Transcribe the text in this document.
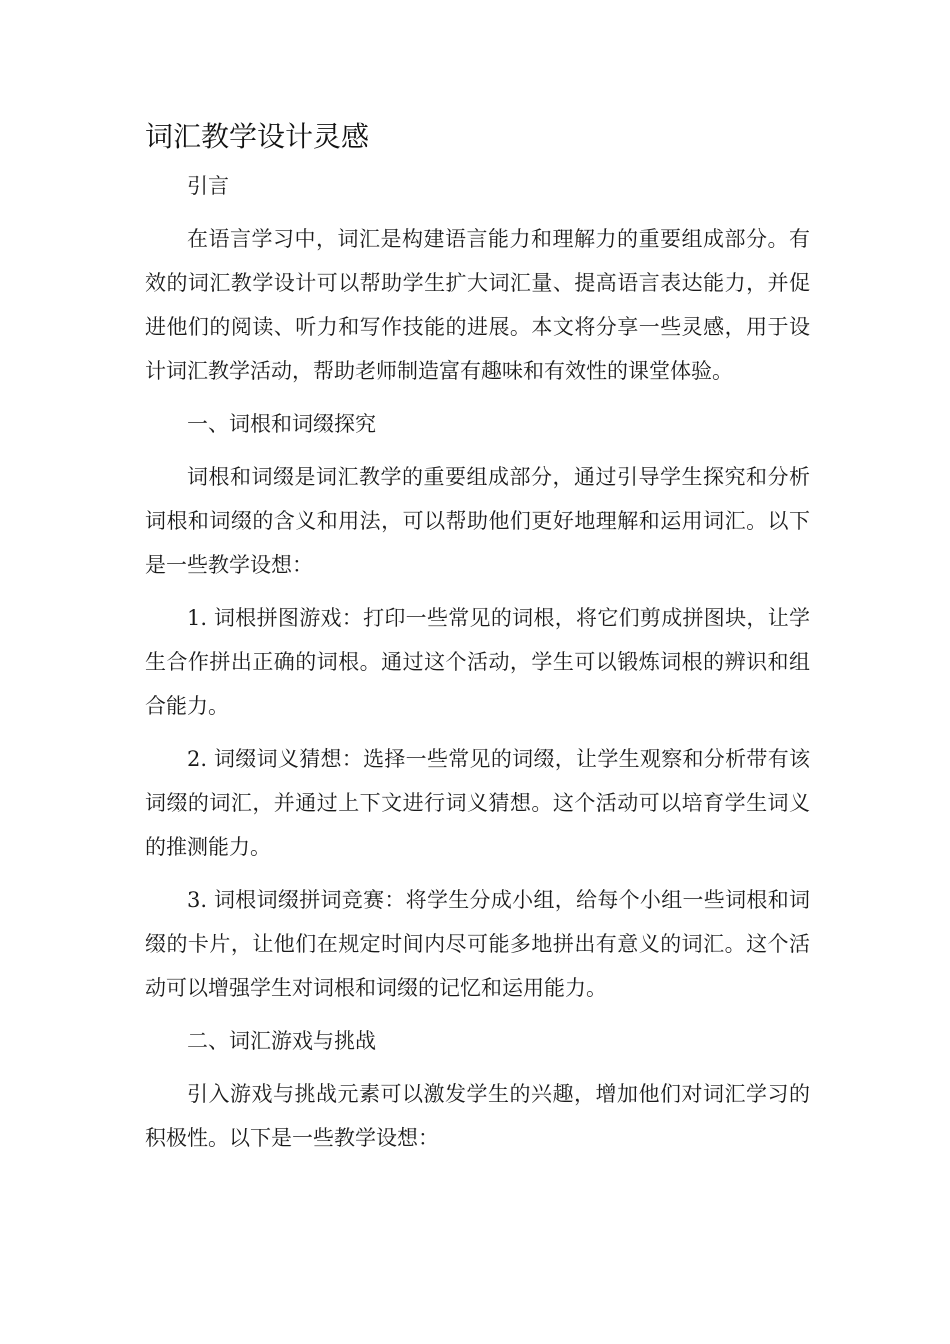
词汇教学设计灵感

引言

在语言学习中，词汇是构建语言能力和理解力的重要组成部分。有效的词汇教学设计可以帮助学生扩大词汇量、提高语言表达能力，并促进他们的阅读、听力和写作技能的进展。本文将分享一些灵感，用于设计词汇教学活动，帮助老师制造富有趣味和有效性的课堂体验。

一、词根和词缀探究

词根和词缀是词汇教学的重要组成部分，通过引导学生探究和分析词根和词缀的含义和用法，可以帮助他们更好地理解和运用词汇。以下是一些教学设想：

1. 词根拼图游戏：打印一些常见的词根，将它们剪成拼图块，让学生合作拼出正确的词根。通过这个活动，学生可以锻炼词根的辨识和组合能力。

2. 词缀词义猜想：选择一些常见的词缀，让学生观察和分析带有该词缀的词汇，并通过上下文进行词义猜想。这个活动可以培育学生词义的推测能力。

3. 词根词缀拼词竞赛：将学生分成小组，给每个小组一些词根和词缀的卡片，让他们在规定时间内尽可能多地拼出有意义的词汇。这个活动可以增强学生对词根和词缀的记忆和运用能力。

二、词汇游戏与挑战

引入游戏与挑战元素可以激发学生的兴趣，增加他们对词汇学习的积极性。以下是一些教学设想：
